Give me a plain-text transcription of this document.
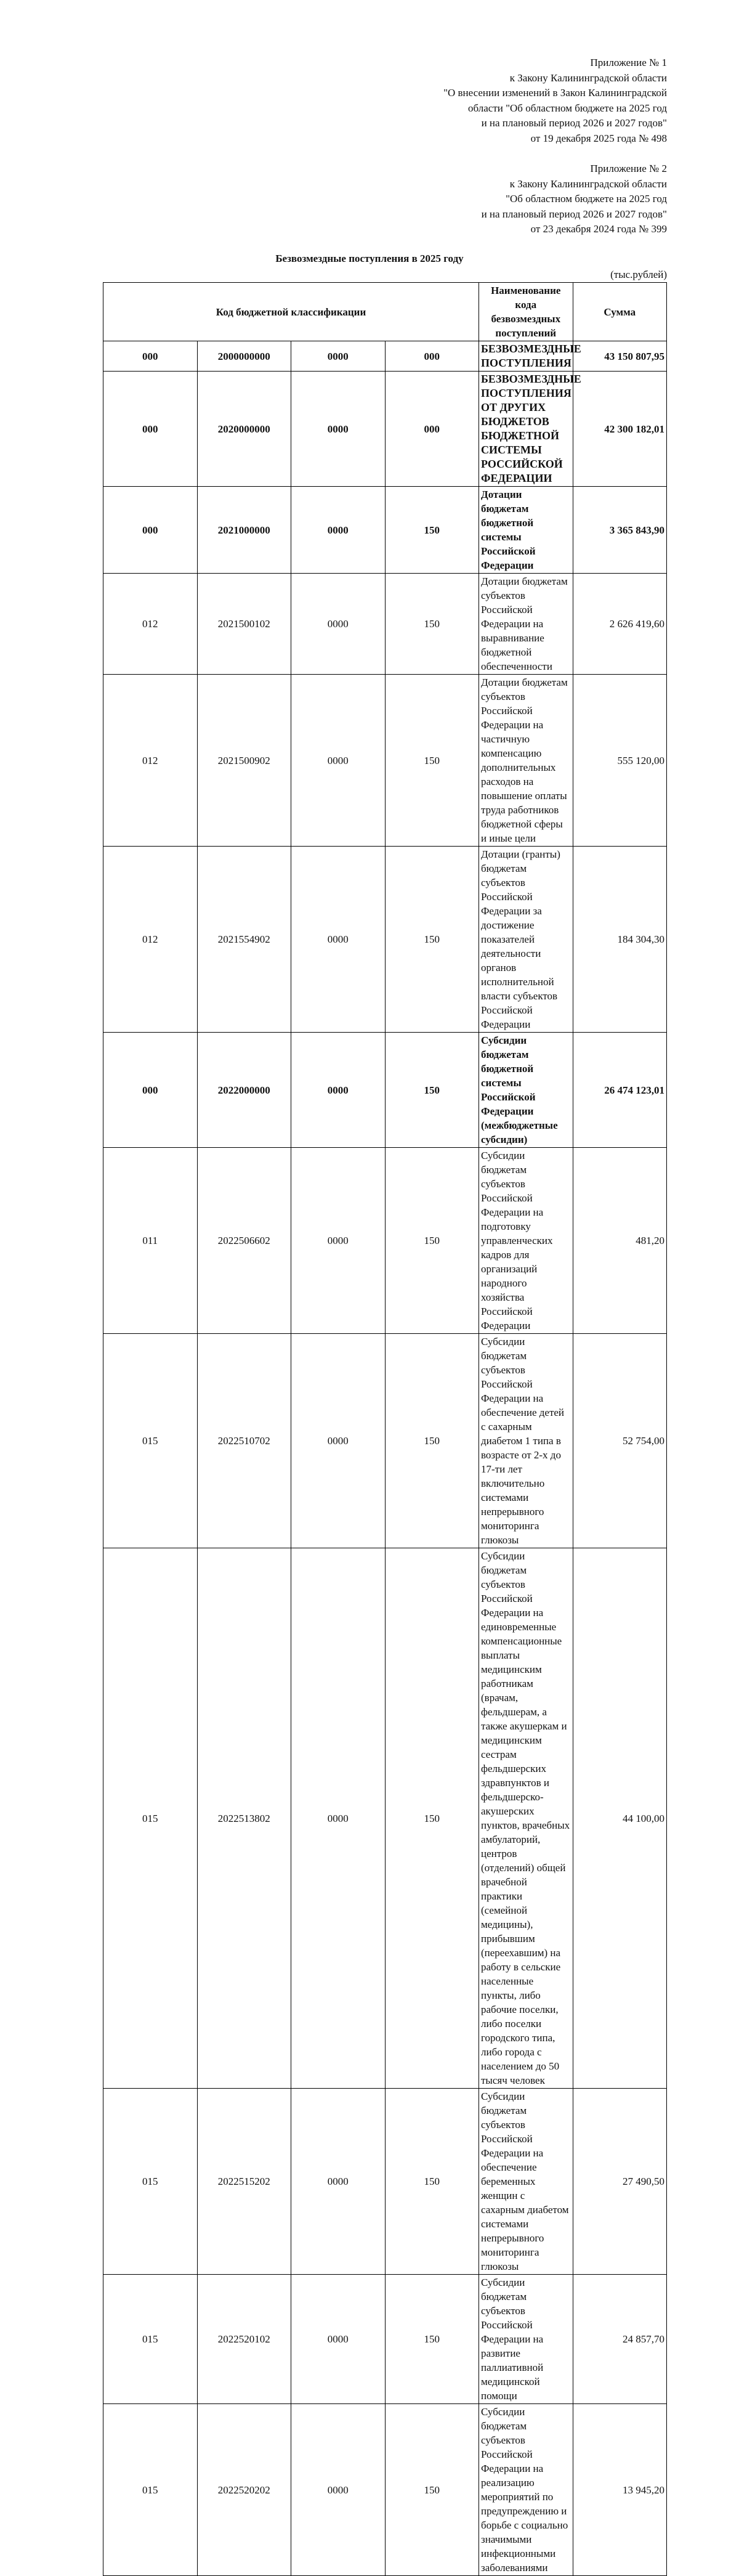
Приложение № 1
к Закону Калининградской области
"О внесении изменений в Закон Калининградской
области "Об областном бюджете на 2025 год
и на плановый период 2026 и 2027 годов"
от 19 декабря 2025 года № 498
Приложение № 2
к Закону Калининградской области
"Об областном бюджете на 2025 год
и на плановый период 2026 и 2027 годов"
от 23 декабря 2024 года № 399
Безвозмездные поступления в 2025 году
(тыс.рублей)
Код бюджетной классификации				Наименование кода безвозмездных поступлений	Сумма
000	2000000000	0000	000	БЕЗВОЗМЕЗДНЫЕ ПОСТУПЛЕНИЯ	43 150 807,95
000	2020000000	0000	000	БЕЗВОЗМЕЗДНЫЕ ПОСТУПЛЕНИЯ ОТ ДРУГИХ БЮДЖЕТОВ БЮДЖЕТНОЙ СИСТЕМЫ РОССИЙСКОЙ ФЕДЕРАЦИИ	42 300 182,01
000	2021000000	0000	150	Дотации бюджетам бюджетной системы Российской Федерации	3 365 843,90
012	2021500102	0000	150	Дотации бюджетам субъектов Российской Федерации на выравнивание бюджетной обеспеченности	2 626 419,60
012	2021500902	0000	150	Дотации бюджетам субъектов Российской Федерации на частичную компенсацию дополнительных расходов на повышение оплаты труда работников бюджетной сферы и иные цели	555 120,00
012	2021554902	0000	150	Дотации (гранты) бюджетам субъектов Российской Федерации за достижение показателей деятельности органов исполнительной власти субъектов Российской Федерации	184 304,30
000	2022000000	0000	150	Субсидии бюджетам бюджетной системы Российской Федерации (межбюджетные субсидии)	26 474 123,01
011	2022506602	0000	150	Субсидии бюджетам субъектов Российской Федерации на подготовку управленческих кадров для организаций народного хозяйства Российской Федерации	481,20
015	2022510702	0000	150	Субсидии бюджетам субъектов Российской Федерации на обеспечение детей с сахарным диабетом 1 типа в возрасте от 2-х до 17-ти лет включительно системами непрерывного мониторинга глюкозы	52 754,00
015	2022513802	0000	150	Субсидии бюджетам субъектов Российской Федерации на единовременные компенсационные выплаты медицинским работникам (врачам, фельдшерам, а также акушеркам и медицинским сестрам фельдшерских здравпунктов и фельдшерско-акушерских пунктов, врачебных амбулаторий, центров (отделений) общей врачебной практики (семейной медицины), прибывшим (переехавшим) на работу в сельские населенные пункты, либо рабочие поселки, либо поселки городского типа, либо города с населением до 50 тысяч человек	44 100,00
015	2022515202	0000	150	Субсидии бюджетам субъектов Российской Федерации на обеспечение беременных женщин с сахарным диабетом системами непрерывного мониторинга глюкозы	27 490,50
015	2022520102	0000	150	Субсидии бюджетам субъектов Российской Федерации на развитие паллиативной медицинской помощи	24 857,70
015	2022520202	0000	150	Субсидии бюджетам субъектов Российской Федерации на реализацию мероприятий по предупреждению и борьбе с социально значимыми инфекционными заболеваниями	13 945,20
